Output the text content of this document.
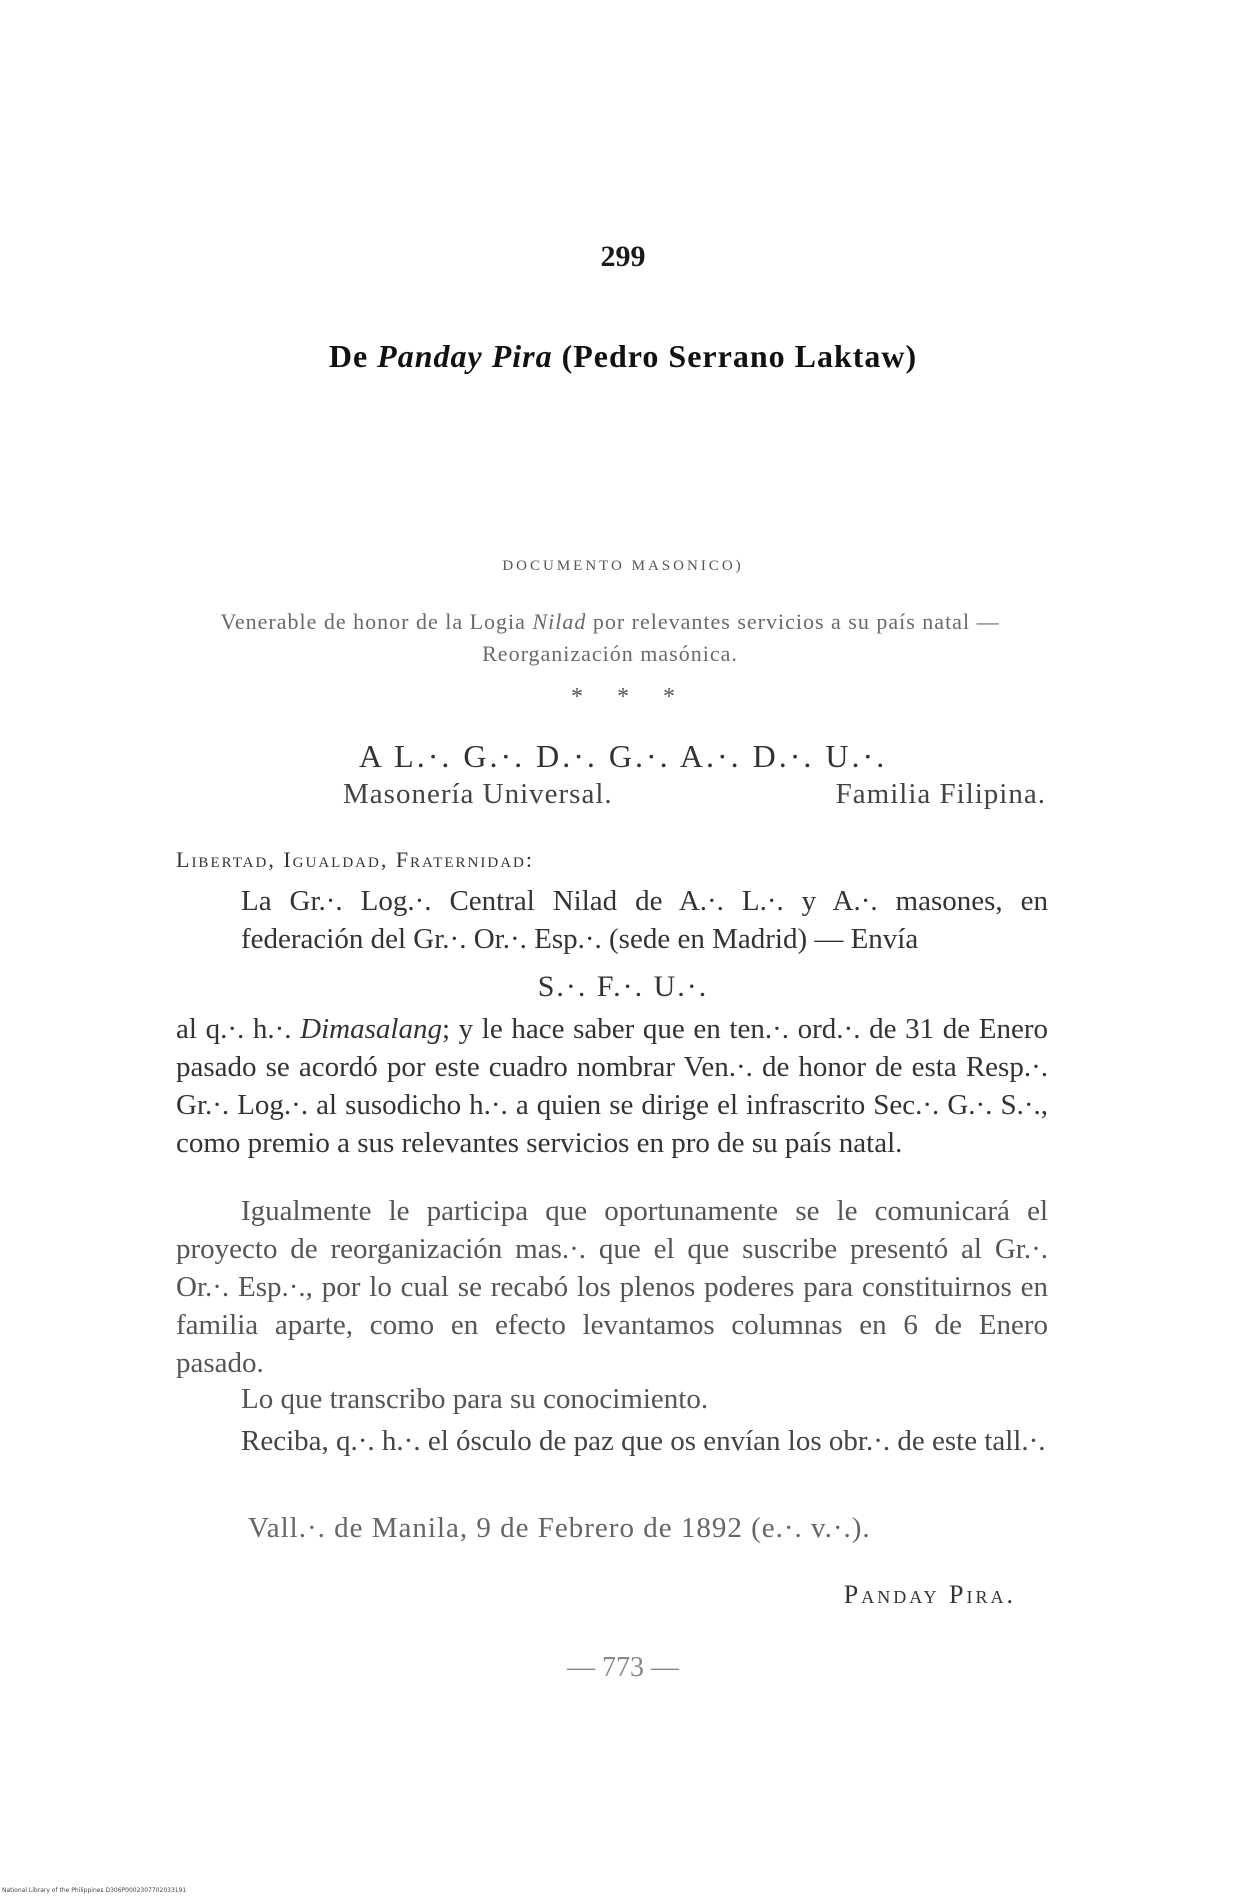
299
De Panday Pira (Pedro Serrano Laktaw)
DOCUMENTO MASONICO)
Venerable de honor de la Logia Nilad por relevantes servicios a su país natal — Reorganización masónica.
* * *
A L.·. G.·. D.·. G.·. A.·. D.·. U.·.
Masonería Universal.	Familia Filipina.
Libertad, Igualdad, Fraternidad:
La Gr.·. Log.·. Central Nilad de A.·. L.·. y A.·. masones, en federación del Gr.·. Or.·. Esp.·. (sede en Madrid) — Envía
S.·. F.·. U.·.
al q.·. h.·. Dimasalang; y le hace saber que en ten.·. ord.·. de 31 de Enero pasado se acordó por este cuadro nombrar Ven.·. de honor de esta Resp.·. Gr.·. Log.·. al susodicho h.·. a quien se dirige el infrascrito Sec.·. G.·. S.·., como premio a sus relevantes servicios en pro de su país natal.
Igualmente le participa que oportunamente se le comunicará el proyecto de reorganización mas.·. que el que suscribe presentó al Gr.·. Or.·. Esp.·., por lo cual se recabó los plenos poderes para constituirnos en familia aparte, como en efecto levantamos columnas en 6 de Enero pasado.
Lo que transcribo para su conocimiento.
Reciba, q.·. h.·. el ósculo de paz que os envían los obr.·. de este tall.·.
Vall.·. de Manila, 9 de Febrero de 1892 (e.·. v.·.).
Panday Pira.
— 773 —
National Library of the Philippines D306P0002307702033191
